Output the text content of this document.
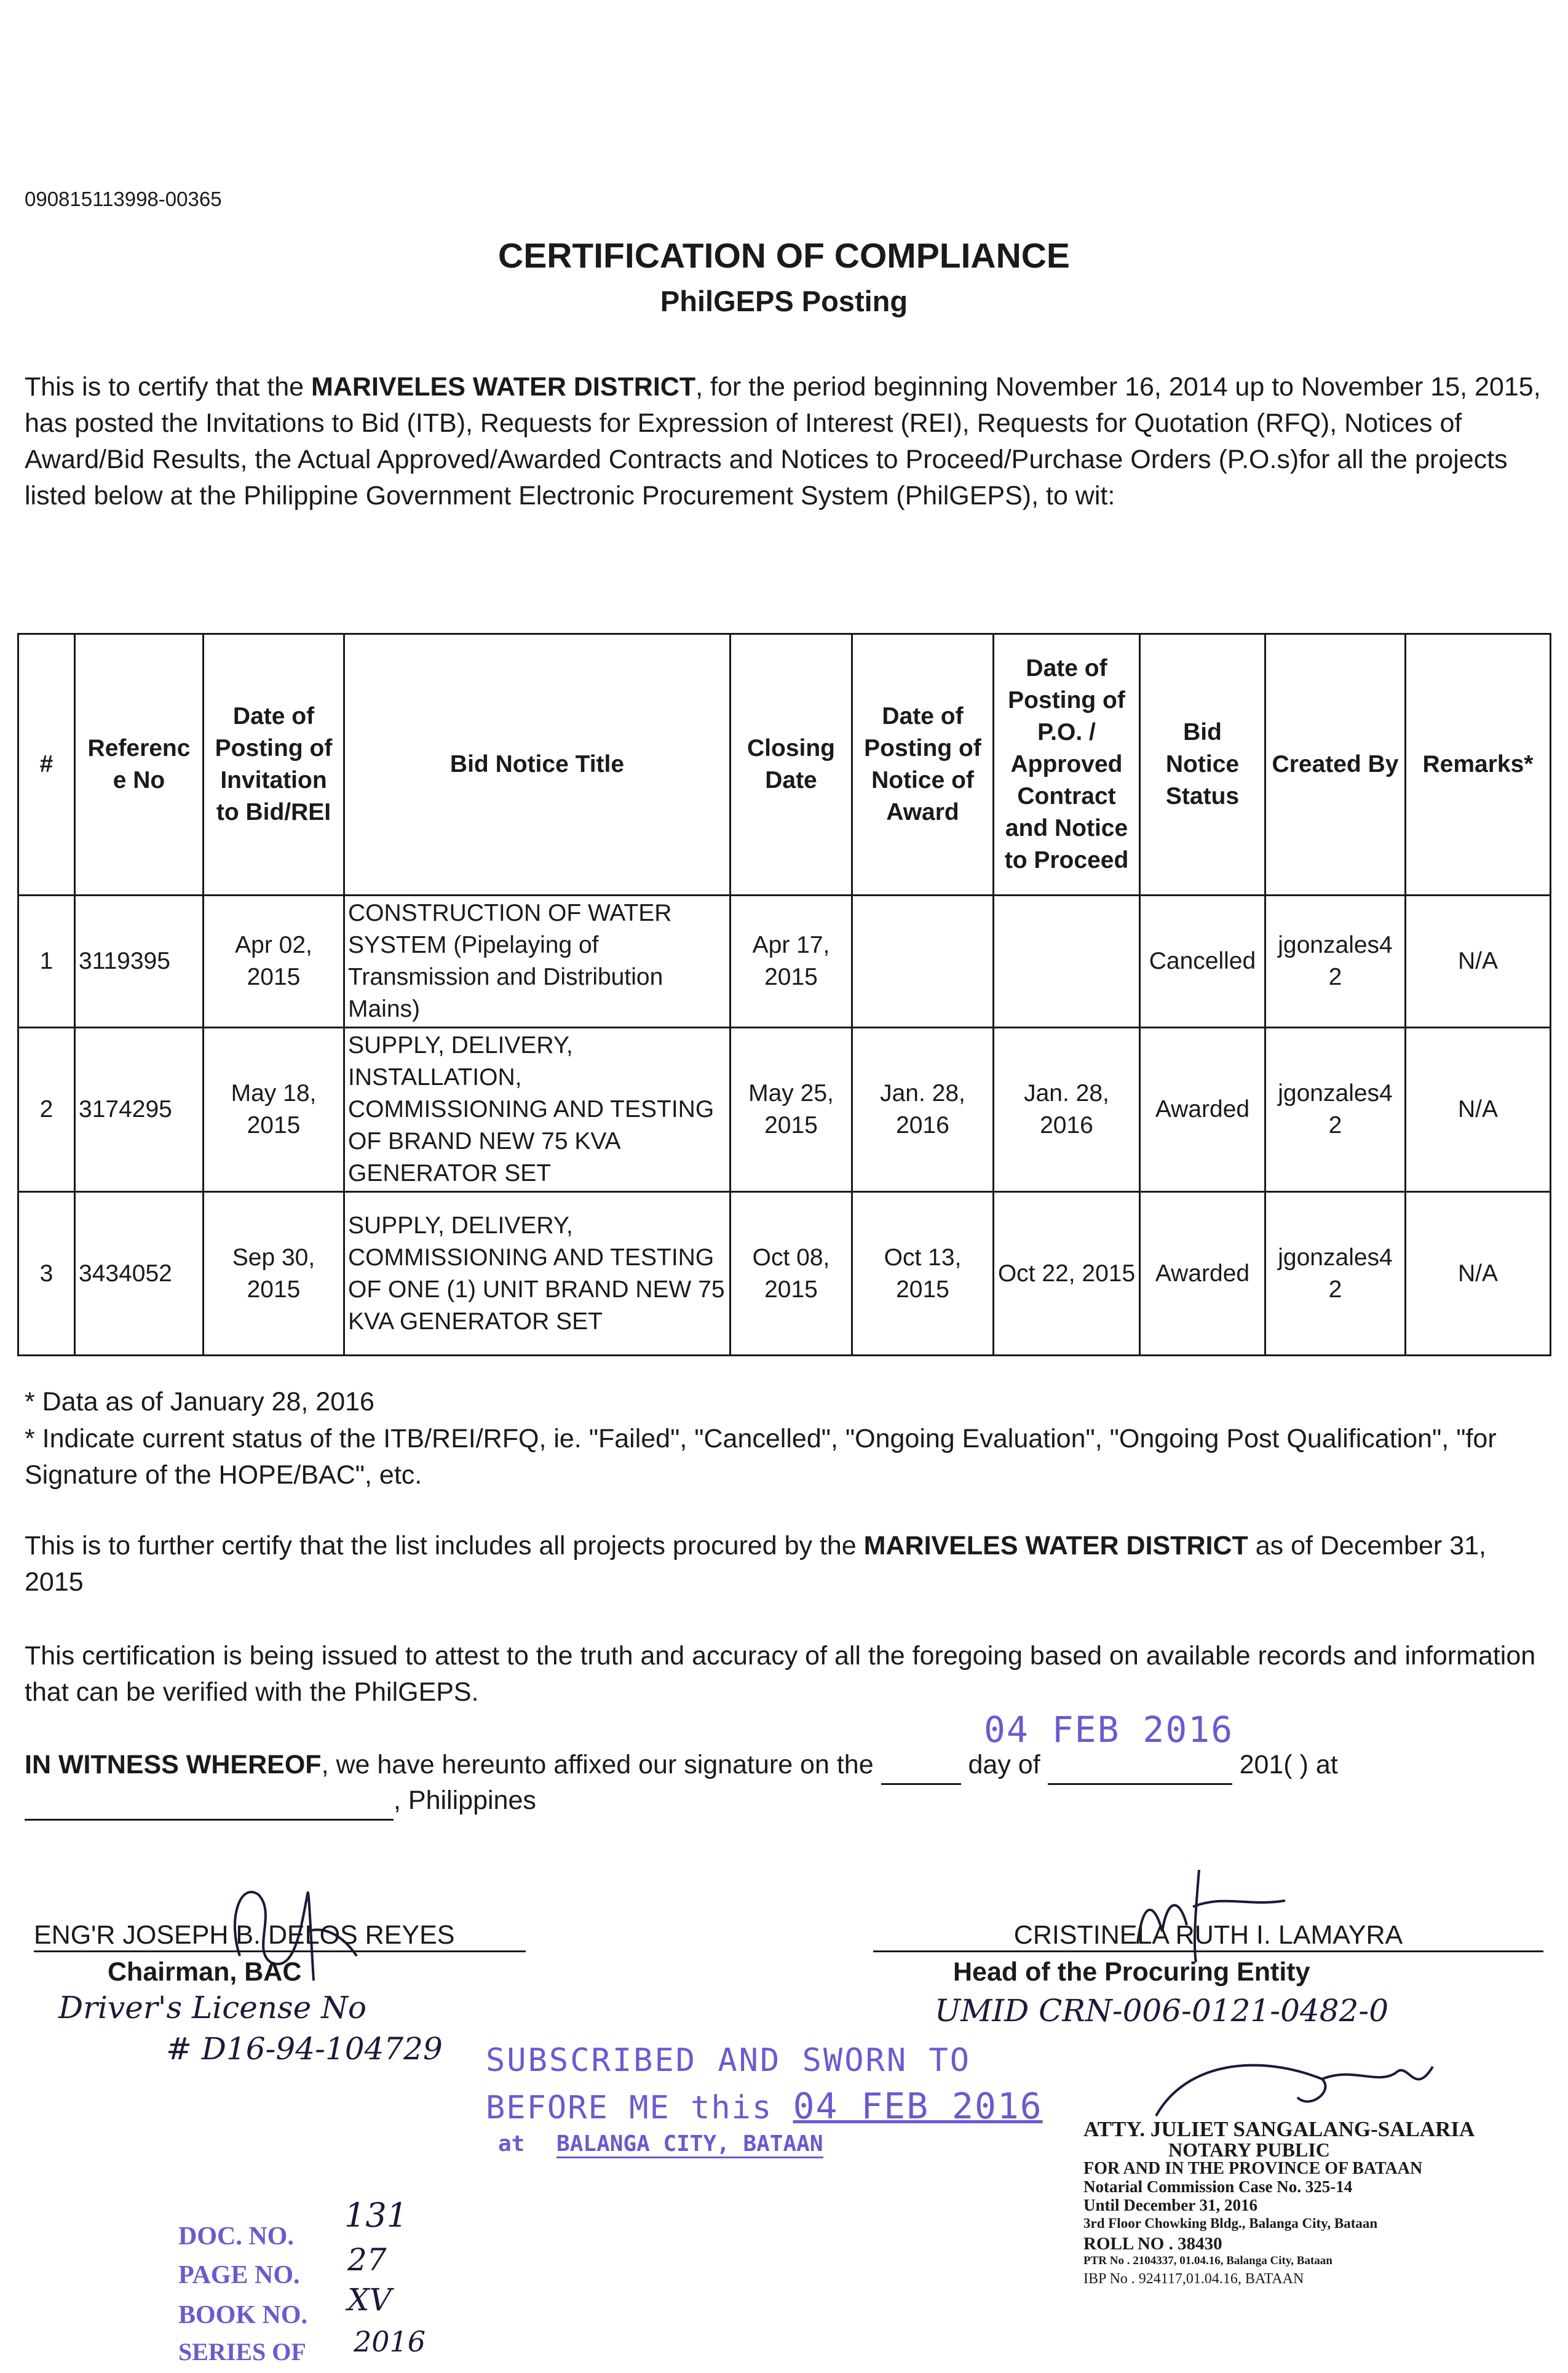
090815113998-00365
CERTIFICATION OF COMPLIANCE
PhilGEPS Posting
This is to certify that the MARIVELES WATER DISTRICT, for the period beginning November 16, 2014 up to November 15, 2015, has posted the Invitations to Bid (ITB), Requests for Expression of Interest (REI), Requests for Quotation (RFQ), Notices of Award/Bid Results, the Actual Approved/Awarded Contracts and Notices to Proceed/Purchase Orders (P.O.s)for all the projects listed below at the Philippine Government Electronic Procurement System (PhilGEPS), to wit:
#	Referenc e No	Date of Posting of Invitation to Bid/REI	Bid Notice Title	Closing Date	Date of Posting of Notice of Award	Date of Posting of P.O. / Approved Contract and Notice to Proceed	Bid Notice Status	Created By	Remarks*
1	3119395	Apr 02, 2015	CONSTRUCTION OF WATER SYSTEM (Pipelaying of Transmission and Distribution Mains)	Apr 17, 2015			Cancelled	jgonzales4 2	N/A
2	3174295	May 18, 2015	SUPPLY, DELIVERY, INSTALLATION, COMMISSIONING AND TESTING OF BRAND NEW 75 KVA GENERATOR SET	May 25, 2015	Jan. 28, 2016	Jan. 28, 2016	Awarded	jgonzales4 2	N/A
3	3434052	Sep 30, 2015	SUPPLY, DELIVERY, COMMISSIONING AND TESTING OF ONE (1) UNIT BRAND NEW 75 KVA GENERATOR SET	Oct 08, 2015	Oct 13, 2015	Oct 22, 2015	Awarded	jgonzales4 2	N/A
* Data as of January 28, 2016
* Indicate current status of the ITB/REI/RFQ, ie. "Failed", "Cancelled", "Ongoing Evaluation", "Ongoing Post Qualification", "for Signature of the HOPE/BAC", etc.
This is to further certify that the list includes all projects procured by the MARIVELES WATER DISTRICT as of December 31, 2015
This certification is being issued to attest to the truth and accuracy of all the foregoing based on available records and information that can be verified with the PhilGEPS.
04 FEB 2016
IN WITNESS WHEREOF, we have hereunto affixed our signature on the	day of	201( ) at
, Philippines
ENG'R JOSEPH B. DELOS REYES
Chairman, BAC
Driver's License No
# D16-94-104729
CRISTINELA RUTH I. LAMAYRA
Head of the Procuring Entity
UMID CRN-006-0121-0482-0
SUBSCRIBED AND SWORN TO
BEFORE ME this 04 FEB 2016
at BALANGA CITY, BATAAN
ATTY. JULIET SANGALANG-SALARIA
NOTARY PUBLIC
FOR AND IN THE PROVINCE OF BATAAN
Notarial Commission Case No. 325-14
Until December 31, 2016
3rd Floor Chowking Bldg., Balanga City, Bataan
ROLL NO . 38430
PTR No . 2104337, 01.04.16, Balanga City, Bataan
IBP No . 924117,01.04.16, BATAAN
DOC. NO.
131
PAGE NO. 27
BOOK NO. XV
SERIES OF 2016
